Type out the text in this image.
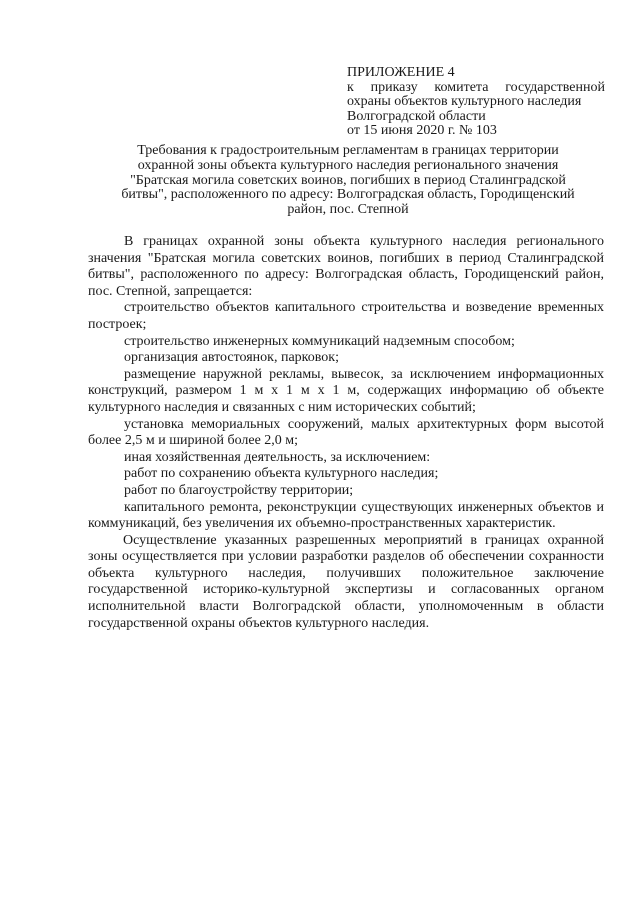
ПРИЛОЖЕНИЕ 4
к приказу комитета государственной
охраны объектов культурного наследия
Волгоградской области
от 15 июня 2020 г. № 103
Требования к градостроительным регламентам в границах территории
охранной зоны объекта культурного наследия регионального значения
"Братская могила советских воинов, погибших в период Сталинградской
битвы", расположенного по адресу: Волгоградская область, Городищенский
район, пос. Степной

В границах охранной зоны объекта культурного наследия регионального значения "Братская могила советских воинов, погибших в период Сталинградской битвы", расположенного по адресу: Волгоградская область, Городищенский район, пос. Степной, запрещается:

строительство объектов капитального строительства и возведение временных построек;

строительство инженерных коммуникаций надземным способом;

организация автостоянок, парковок;

размещение наружной рекламы, вывесок, за исключением информационных конструкций, размером 1 м х 1 м х 1 м, содержащих информацию об объекте культурного наследия и связанных с ним исторических событий;

установка мемориальных сооружений, малых архитектурных форм высотой более 2,5 м и шириной более 2,0 м;

иная хозяйственная деятельность, за исключением:

работ по сохранению объекта культурного наследия;

работ по благоустройству территории;

капитального ремонта, реконструкции существующих инженерных объектов и коммуникаций, без увеличения их объемно-пространственных характеристик.

Осуществление указанных разрешенных мероприятий в границах охранной зоны осуществляется при условии разработки разделов об обеспечении сохранности объекта культурного наследия, получивших положительное заключение государственной историко-культурной экспертизы и согласованных органом исполнительной власти Волгоградской области, уполномоченным в области государственной охраны объектов культурного наследия.
